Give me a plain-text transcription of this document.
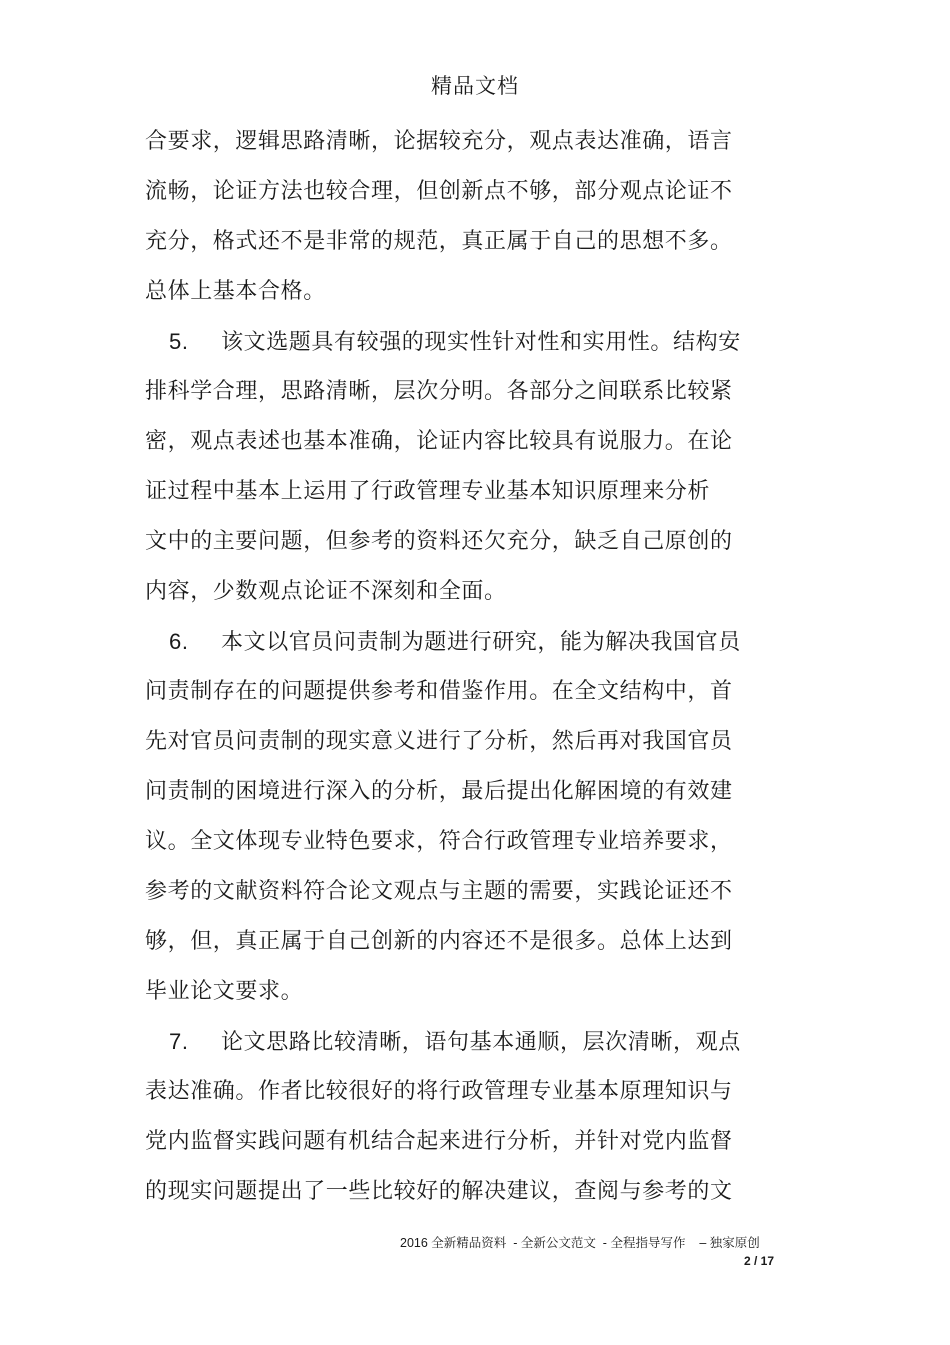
精品文档
合要求，逻辑思路清晰，论据较充分，观点表达准确，语言
流畅，论证方法也较合理，但创新点不够，部分观点论证不
充分，格式还不是非常的规范，真正属于自己的思想不多。
总体上基本合格。
5. 该文选题具有较强的现实性针对性和实用性。结构安
排科学合理，思路清晰，层次分明。各部分之间联系比较紧
密，观点表述也基本准确，论证内容比较具有说服力。在论
证过程中基本上运用了行政管理专业基本知识原理来分析
文中的主要问题，但参考的资料还欠充分，缺乏自己原创的
内容，少数观点论证不深刻和全面。
6. 本文以官员问责制为题进行研究，能为解决我国官员
问责制存在的问题提供参考和借鉴作用。在全文结构中，首
先对官员问责制的现实意义进行了分析，然后再对我国官员
问责制的困境进行深入的分析，最后提出化解困境的有效建
议。全文体现专业特色要求，符合行政管理专业培养要求，
参考的文献资料符合论文观点与主题的需要，实践论证还不
够，但，真正属于自己创新的内容还不是很多。总体上达到
毕业论文要求。
7. 论文思路比较清晰，语句基本通顺，层次清晰，观点
表达准确。作者比较很好的将行政管理专业基本原理知识与
党内监督实践问题有机结合起来进行分析，并针对党内监督
的现实问题提出了一些比较好的解决建议，查阅与参考的文
2016 全新精品资料  - 全新公文范文  - 全程指导写作    – 独家原创
2 / 17
